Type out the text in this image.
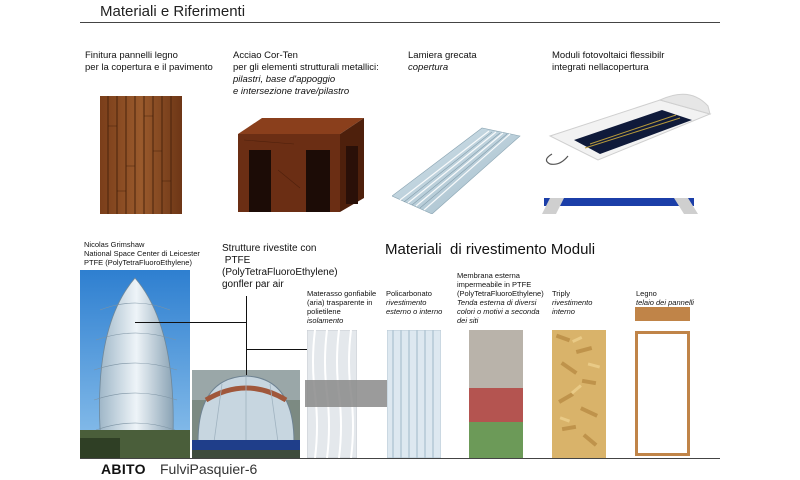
Materiali e Riferimenti
Finitura pannelli legno
per la copertura e il pavimento
Acciao Cor-Ten
per gli elementi strutturali metallici:
pilastri, base d'appoggio
e intersezione trave/pilastro
Lamiera grecata
copertura
Moduli fotovoltaici flessibilr
integrati nellacopertura
Nicolas Grimshaw
National Space Center di Leicester
PTFE (PolyTetraFluoroEthylene)
Strutture rivestite con
PTFE
(PolyTetraFluoroEthylene)
gonfler par air
Materiali  di rivestimento Moduli
Materasso gonfiabile (aria) trasparente in polietilene
isolamento
Policarbonato
rivestimento esterno o interno
Membrana esterna impermeabile in PTFE (PolyTetraFluoroEthylene)
Tenda esterna di diversi colori o motivi a seconda dei siti
Triply
rivestimento interno
Legno
telaio dei pannelli
ABITO FulviPasquier-6
